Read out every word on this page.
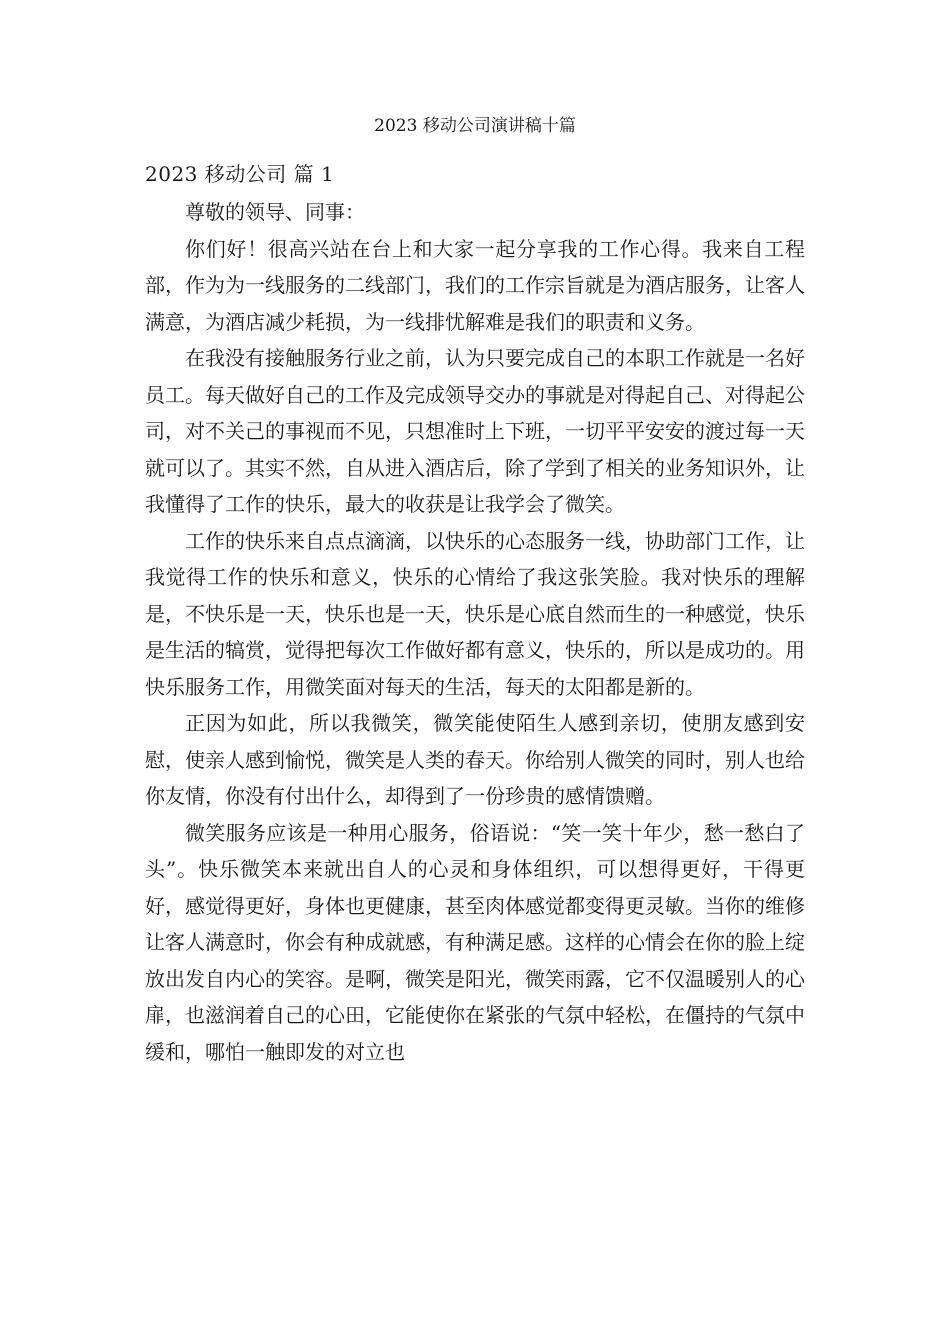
2023 移动公司演讲稿十篇
2023 移动公司 篇 1

尊敬的领导、同事：

你们好！很高兴站在台上和大家一起分享我的工作心得。我来自工程部，作为为一线服务的二线部门，我们的工作宗旨就是为酒店服务，让客人满意，为酒店减少耗损，为一线排忧解难是我们的职责和义务。

在我没有接触服务行业之前，认为只要完成自己的本职工作就是一名好员工。每天做好自己的工作及完成领导交办的事就是对得起自己、对得起公司，对不关己的事视而不见，只想准时上下班，一切平平安安的渡过每一天就可以了。其实不然，自从进入酒店后，除了学到了相关的业务知识外，让我懂得了工作的快乐，最大的收获是让我学会了微笑。

工作的快乐来自点点滴滴，以快乐的心态服务一线，协助部门工作，让我觉得工作的快乐和意义，快乐的心情给了我这张笑脸。我对快乐的理解是，不快乐是一天，快乐也是一天，快乐是心底自然而生的一种感觉，快乐是生活的犒赏，觉得把每次工作做好都有意义，快乐的，所以是成功的。用快乐服务工作，用微笑面对每天的生活，每天的太阳都是新的。

正因为如此，所以我微笑，微笑能使陌生人感到亲切，使朋友感到安慰，使亲人感到愉悦，微笑是人类的春天。你给别人微笑的同时，别人也给你友情，你没有付出什么，却得到了一份珍贵的感情馈赠。

微笑服务应该是一种用心服务，俗语说：“笑一笑十年少，愁一愁白了头”。快乐微笑本来就出自人的心灵和身体组织，可以想得更好，干得更好，感觉得更好，身体也更健康，甚至肉体感觉都变得更灵敏。当你的维修让客人满意时，你会有种成就感，有种满足感。这样的心情会在你的脸上绽放出发自内心的笑容。是啊，微笑是阳光，微笑雨露，它不仅温暖别人的心扉，也滋润着自己的心田，它能使你在紧张的气氛中轻松，在僵持的气氛中缓和，哪怕一触即发的对立也
